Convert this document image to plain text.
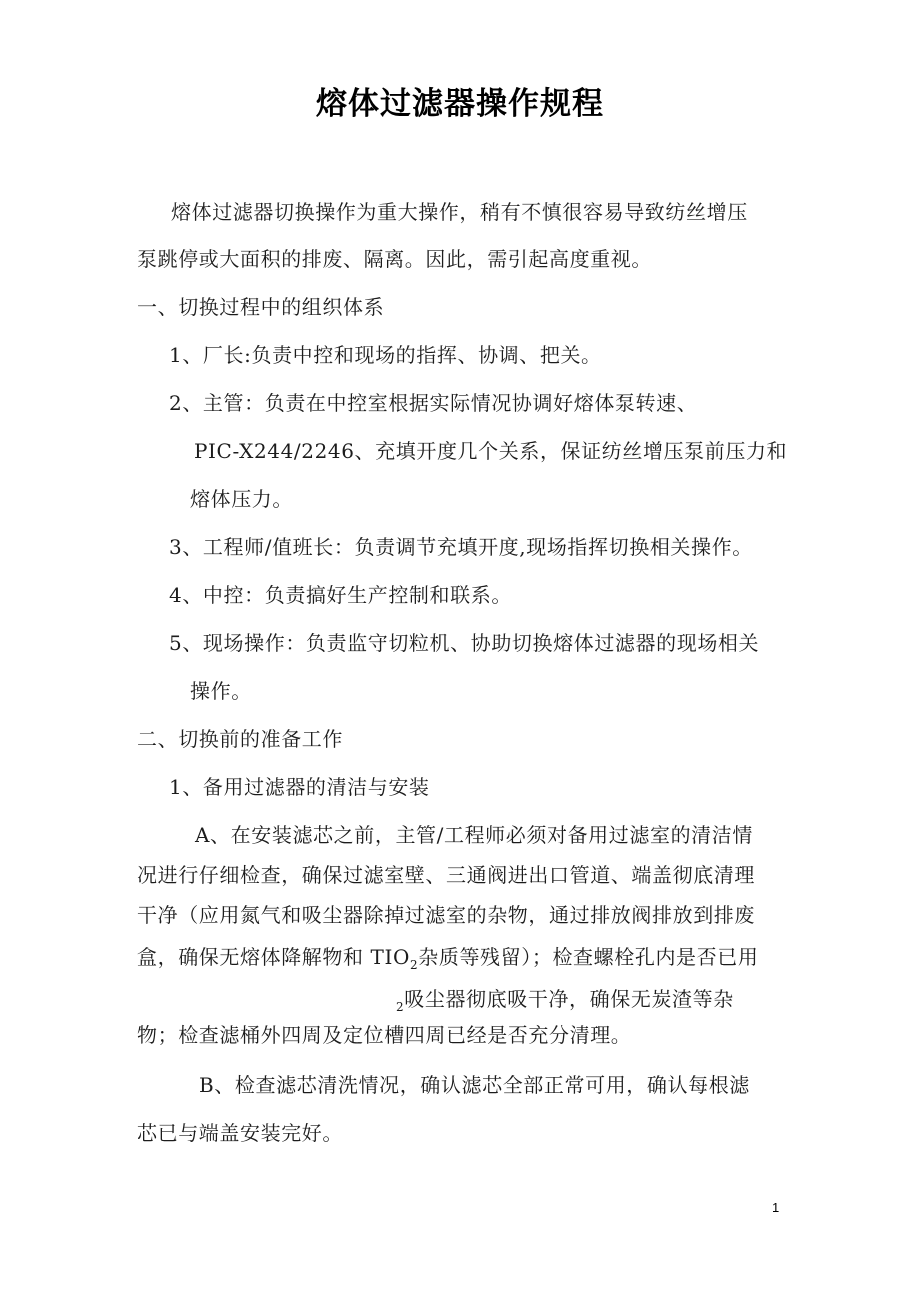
熔体过滤器操作规程
熔体过滤器切换操作为重大操作，稍有不慎很容易导致纺丝增压
泵跳停或大面积的排废、隔离。因此，需引起高度重视。
一、切换过程中的组织体系
1、厂长:负责中控和现场的指挥、协调、把关。
2、主管：负责在中控室根据实际情况协调好熔体泵转速、
PIC-X244/2246、充填开度几个关系，保证纺丝增压泵前压力和
熔体压力。
3、工程师/值班长：负责调节充填开度,现场指挥切换相关操作。
4、中控：负责搞好生产控制和联系。
5、现场操作：负责监守切粒机、协助切换熔体过滤器的现场相关
操作。
二、切换前的准备工作
1、备用过滤器的清洁与安装
A、在安装滤芯之前，主管/工程师必须对备用过滤室的清洁情
况进行仔细检查，确保过滤室壁、三通阀进出口管道、端盖彻底清理
干净（应用氮气和吸尘器除掉过滤室的杂物，通过排放阀排放到排废
盒，确保无熔体降解物和 $TIO_2$杂质等残留）；检查螺栓孔内是否已用
$_2$吸尘器彻底吸干净，确保无炭渣等杂
物；检查滤桶外四周及定位槽四周已经是否充分清理。
B、检查滤芯清洗情况，确认滤芯全部正常可用，确认每根滤
芯已与端盖安装完好。
1
